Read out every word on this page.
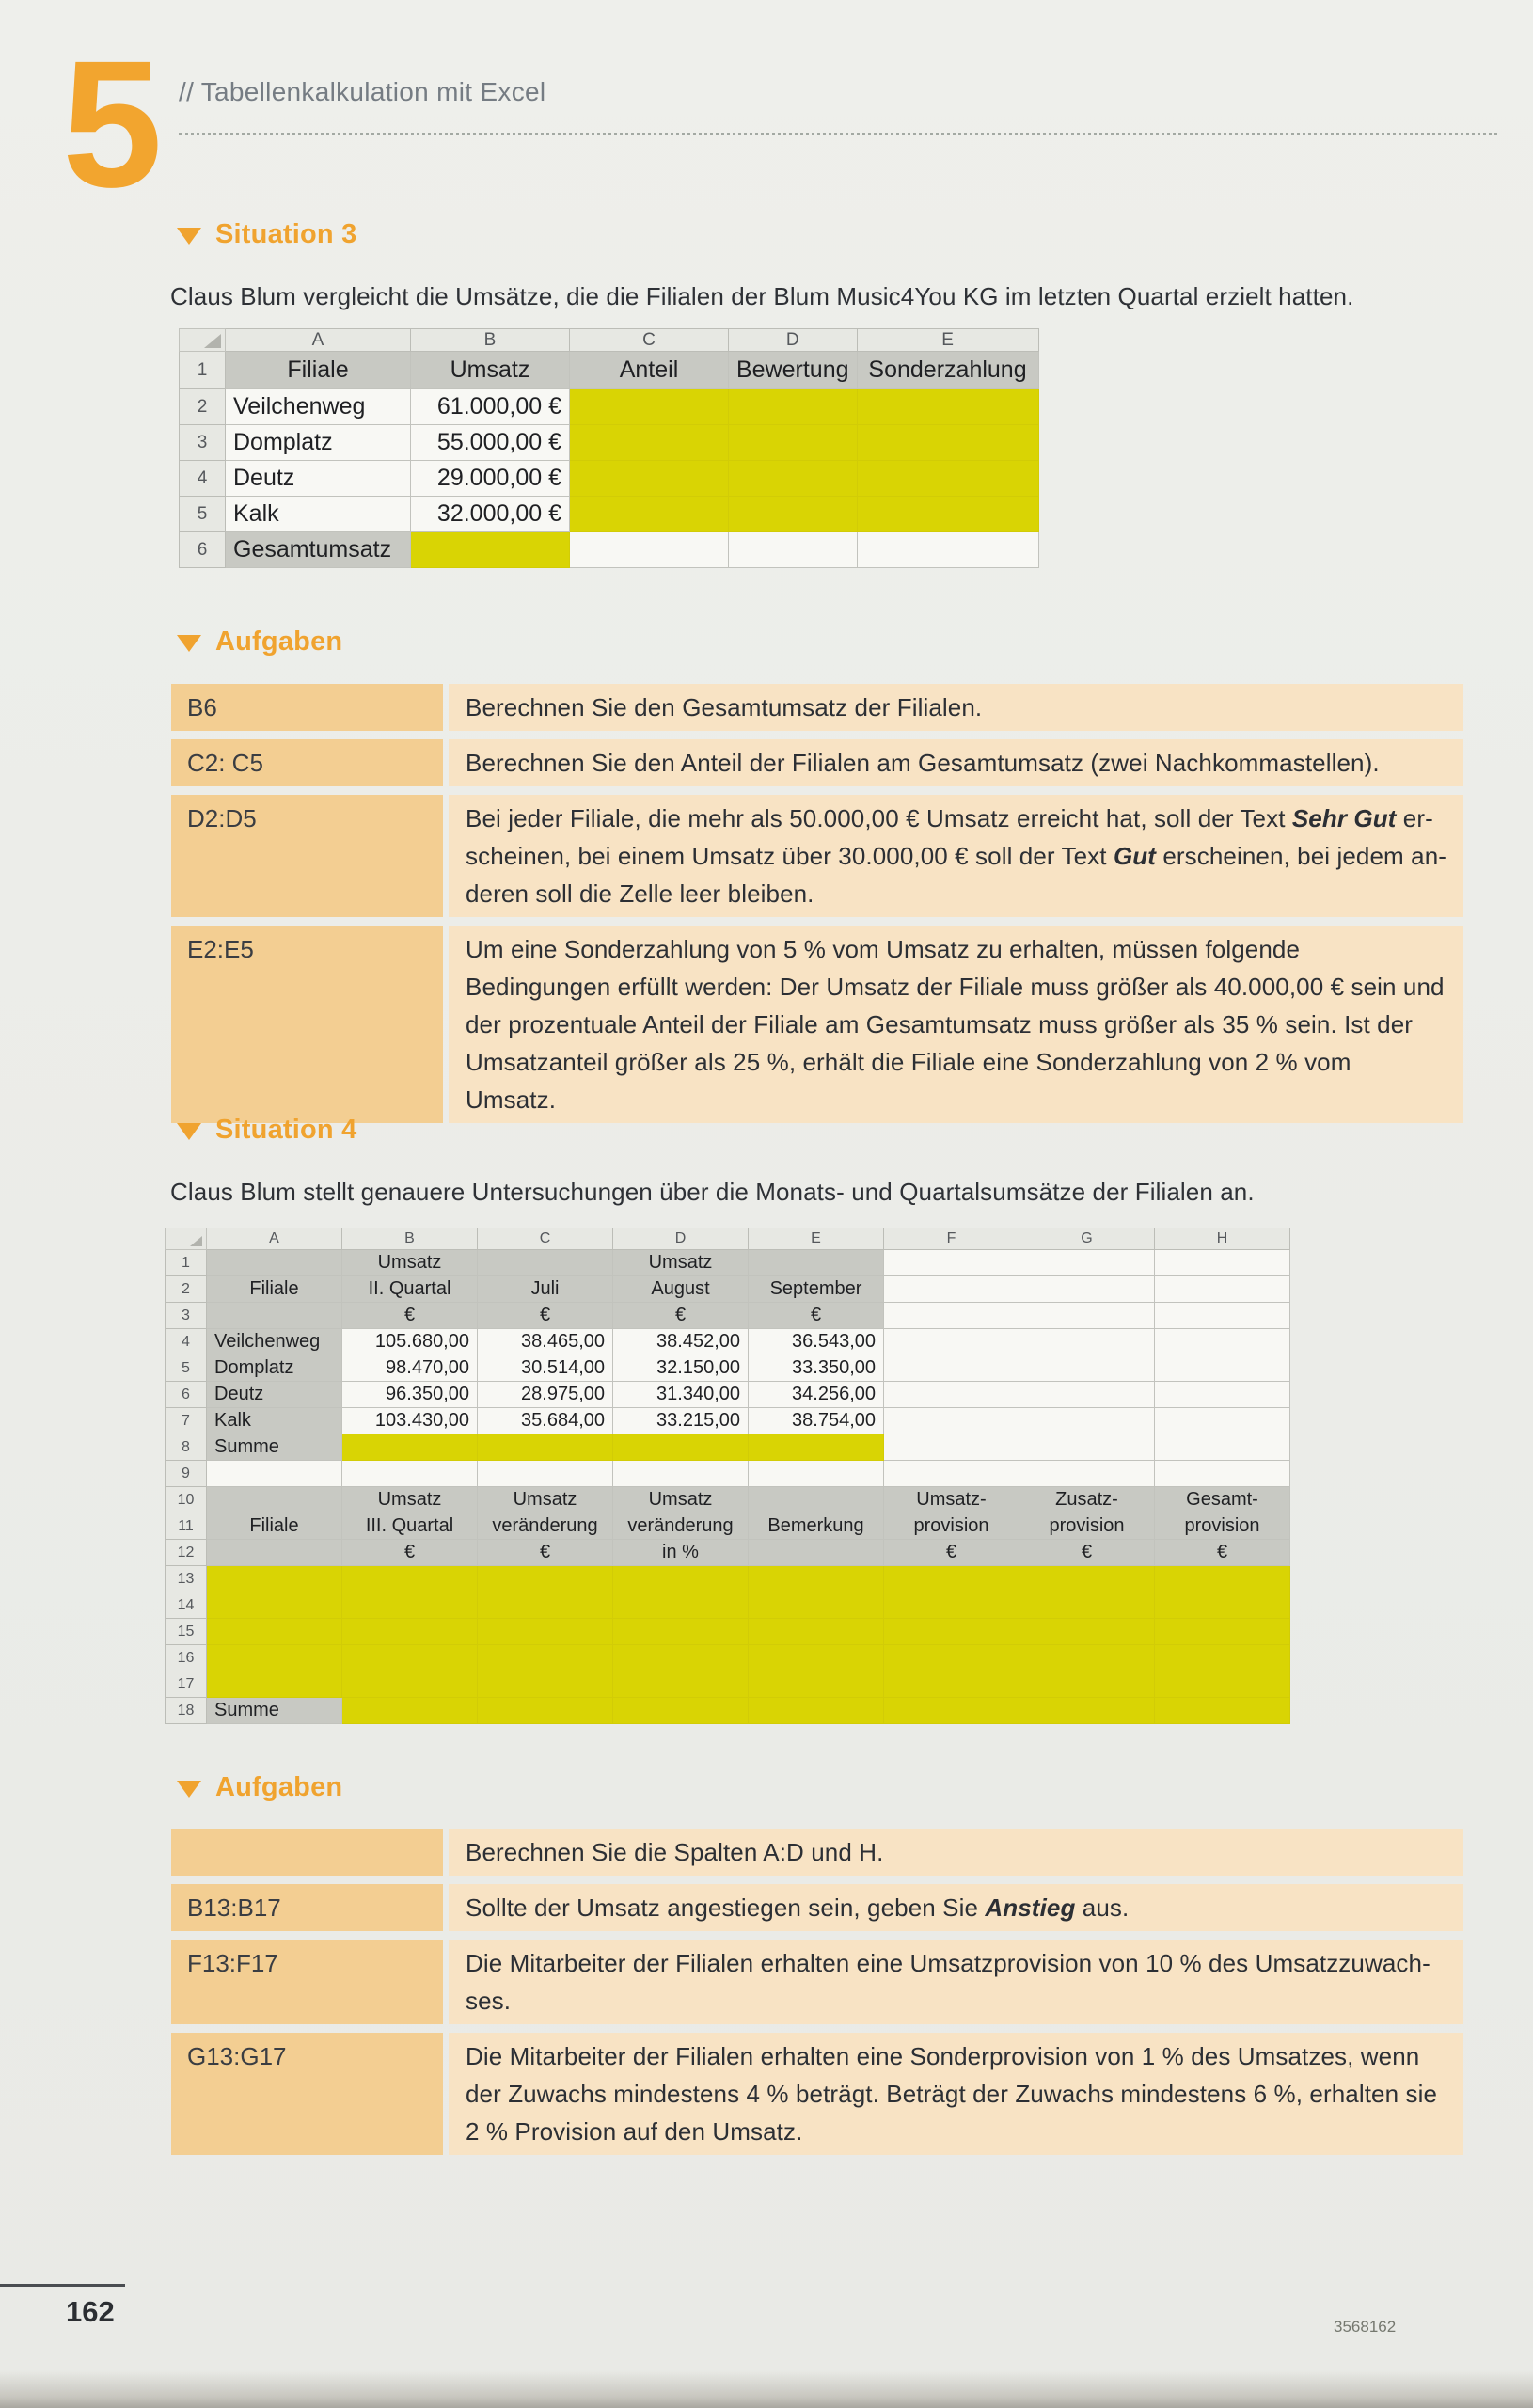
5 // Tabellenkalkulation mit Excel
Situation 3
Claus Blum vergleicht die Umsätze, die die Filialen der Blum Music4You KG im letzten Quartal erzielt hatten.
	A	B	C	D	E
1	Filiale	Umsatz	Anteil	Bewertung	Sonderzahlung
2	Veilchenweg	61.000,00 €			
3	Domplatz	55.000,00 €			
4	Deutz	29.000,00 €			
5	Kalk	32.000,00 €			
6	Gesamtumsatz				
Aufgaben
B6	Berechnen Sie den Gesamtumsatz der Filialen.
C2: C5	Berechnen Sie den Anteil der Filialen am Gesamtumsatz (zwei Nachkommastellen).
D2:D5	Bei jeder Filiale, die mehr als 50.000,00 € Umsatz erreicht hat, soll der Text Sehr Gut erscheinen, bei einem Umsatz über 30.000,00 € soll der Text Gut erscheinen, bei jedem anderen soll die Zelle leer bleiben.
E2:E5	Um eine Sonderzahlung von 5 % vom Umsatz zu erhalten, müssen folgende Bedingungen erfüllt werden: Der Umsatz der Filiale muss größer als 40.000,00 € sein und der prozentuale Anteil der Filiale am Gesamtumsatz muss größer als 35 % sein. Ist der Umsatzanteil größer als 25 %, erhält die Filiale eine Sonderzahlung von 2 % vom Umsatz.
Situation 4
Claus Blum stellt genauere Untersuchungen über die Monats- und Quartalsumsätze der Filialen an.
	A	B	C	D	E	F	G	H
1		Umsatz		Umsatz				
2	Filiale	II. Quartal	Juli	August	September			
3		€	€	€	€			
4	Veilchenweg	105.680,00	38.465,00	38.452,00	36.543,00			
5	Domplatz	98.470,00	30.514,00	32.150,00	33.350,00			
6	Deutz	96.350,00	28.975,00	31.340,00	34.256,00			
7	Kalk	103.430,00	35.684,00	33.215,00	38.754,00			
8	Summe							
9								
10		Umsatz	Umsatz	Umsatz		Umsatz-	Zusatz-	Gesamt-
11	Filiale	III. Quartal	veränderung	veränderung	Bemerkung	provision	provision	provision
12		€	€	in %		€	€	€
13								
14								
15								
16								
17								
18	Summe							
Aufgaben
Berechnen Sie die Spalten A:D und H.
B13:B17	Sollte der Umsatz angestiegen sein, geben Sie Anstieg aus.
F13:F17	Die Mitarbeiter der Filialen erhalten eine Umsatzprovision von 10 % des Umsatzzuwachses.
G13:G17	Die Mitarbeiter der Filialen erhalten eine Sonderprovision von 1 % des Umsatzes, wenn der Zuwachs mindestens 4 % beträgt. Beträgt der Zuwachs mindestens 6 %, erhalten sie 2 % Provision auf den Umsatz.
162	3568162
